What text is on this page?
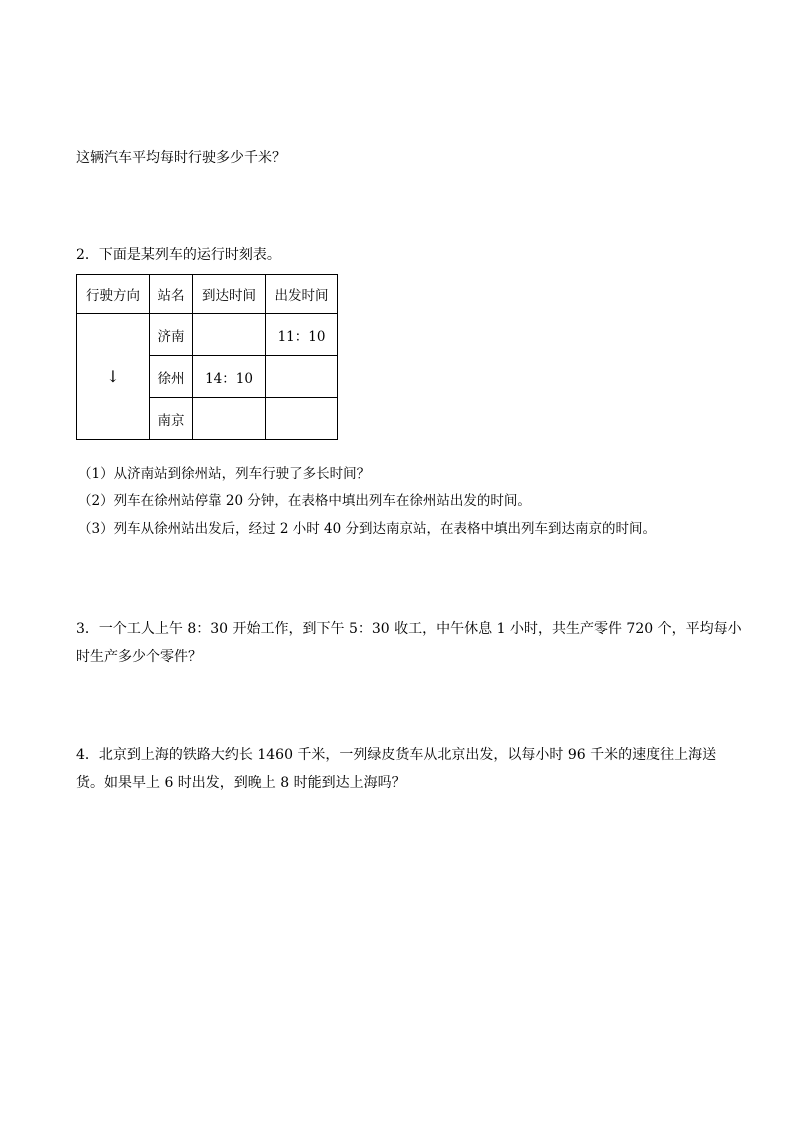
这辆汽车平均每时行驶多少千米？
2．下面是某列车的运行时刻表。
行驶方向	站名	到达时间	出发时间
↓	济南		11：10
	徐州	14：10	
	南京		
（1）从济南站到徐州站，列车行驶了多长时间？
（2）列车在徐州站停靠 20 分钟，在表格中填出列车在徐州站出发的时间。
（3）列车从徐州站出发后，经过 2 小时 40 分到达南京站，在表格中填出列车到达南京的时间。
3．一个工人上午 8：30 开始工作，到下午 5：30 收工，中午休息 1 小时，共生产零件 720 个，平均每小
时生产多少个零件？
4．北京到上海的铁路大约长 1460 千米，一列绿皮货车从北京出发，以每小时 96 千米的速度往上海送
货。如果早上 6 时出发，到晚上 8 时能到达上海吗？
